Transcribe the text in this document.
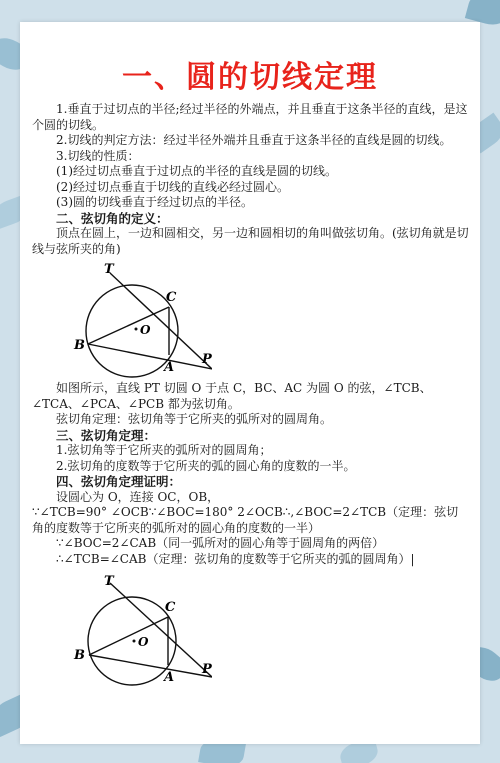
一、圆的切线定理

1.垂直于过切点的半径;经过半径的外端点，并且垂直于这条半径的直线，是这个圆的切线。

2.切线的判定方法：经过半径外端并且垂直于这条半径的直线是圆的切线。

3.切线的性质：

(1)经过切点垂直于过切点的半径的直线是圆的切线。

(2)经过切点垂直于切线的直线必经过圆心。

(3)圆的切线垂直于经过切点的半径。

二、弦切角的定义：

顶点在圆上，一边和圆相交，另一边和圆相切的角叫做弦切角。(弦切角就是切线与弦所夹的角)

T
C
O
B
A
P

如图所示，直线 PT 切圆 O 于点 C，BC、AC 为圆 O 的弦，∠TCB、∠TCA、∠PCA、∠PCB 都为弦切角。

弦切角定理：弦切角等于它所夹的弧所对的圆周角。

三、弦切角定理：

1.弦切角等于它所夹的弧所对的圆周角；

2.弦切角的度数等于它所夹的弧的圆心角的度数的一半。

四、弦切角定理证明：

设圆心为 O，连接 OC，OB，

∵∠TCB=90° ∠OCB∵∠BOC=180° 2∠OCB∴,∠BOC=2∠TCB（定理：弦切角的度数等于它所夹的弧所对的圆心角的度数的一半）

∵∠BOC=2∠CAB（同一弧所对的圆心角等于圆周角的两倍）

∴∠TCB=∠CAB（定理：弦切角的度数等于它所夹的弧的圆周角）|

T
C
O
B
A
P
